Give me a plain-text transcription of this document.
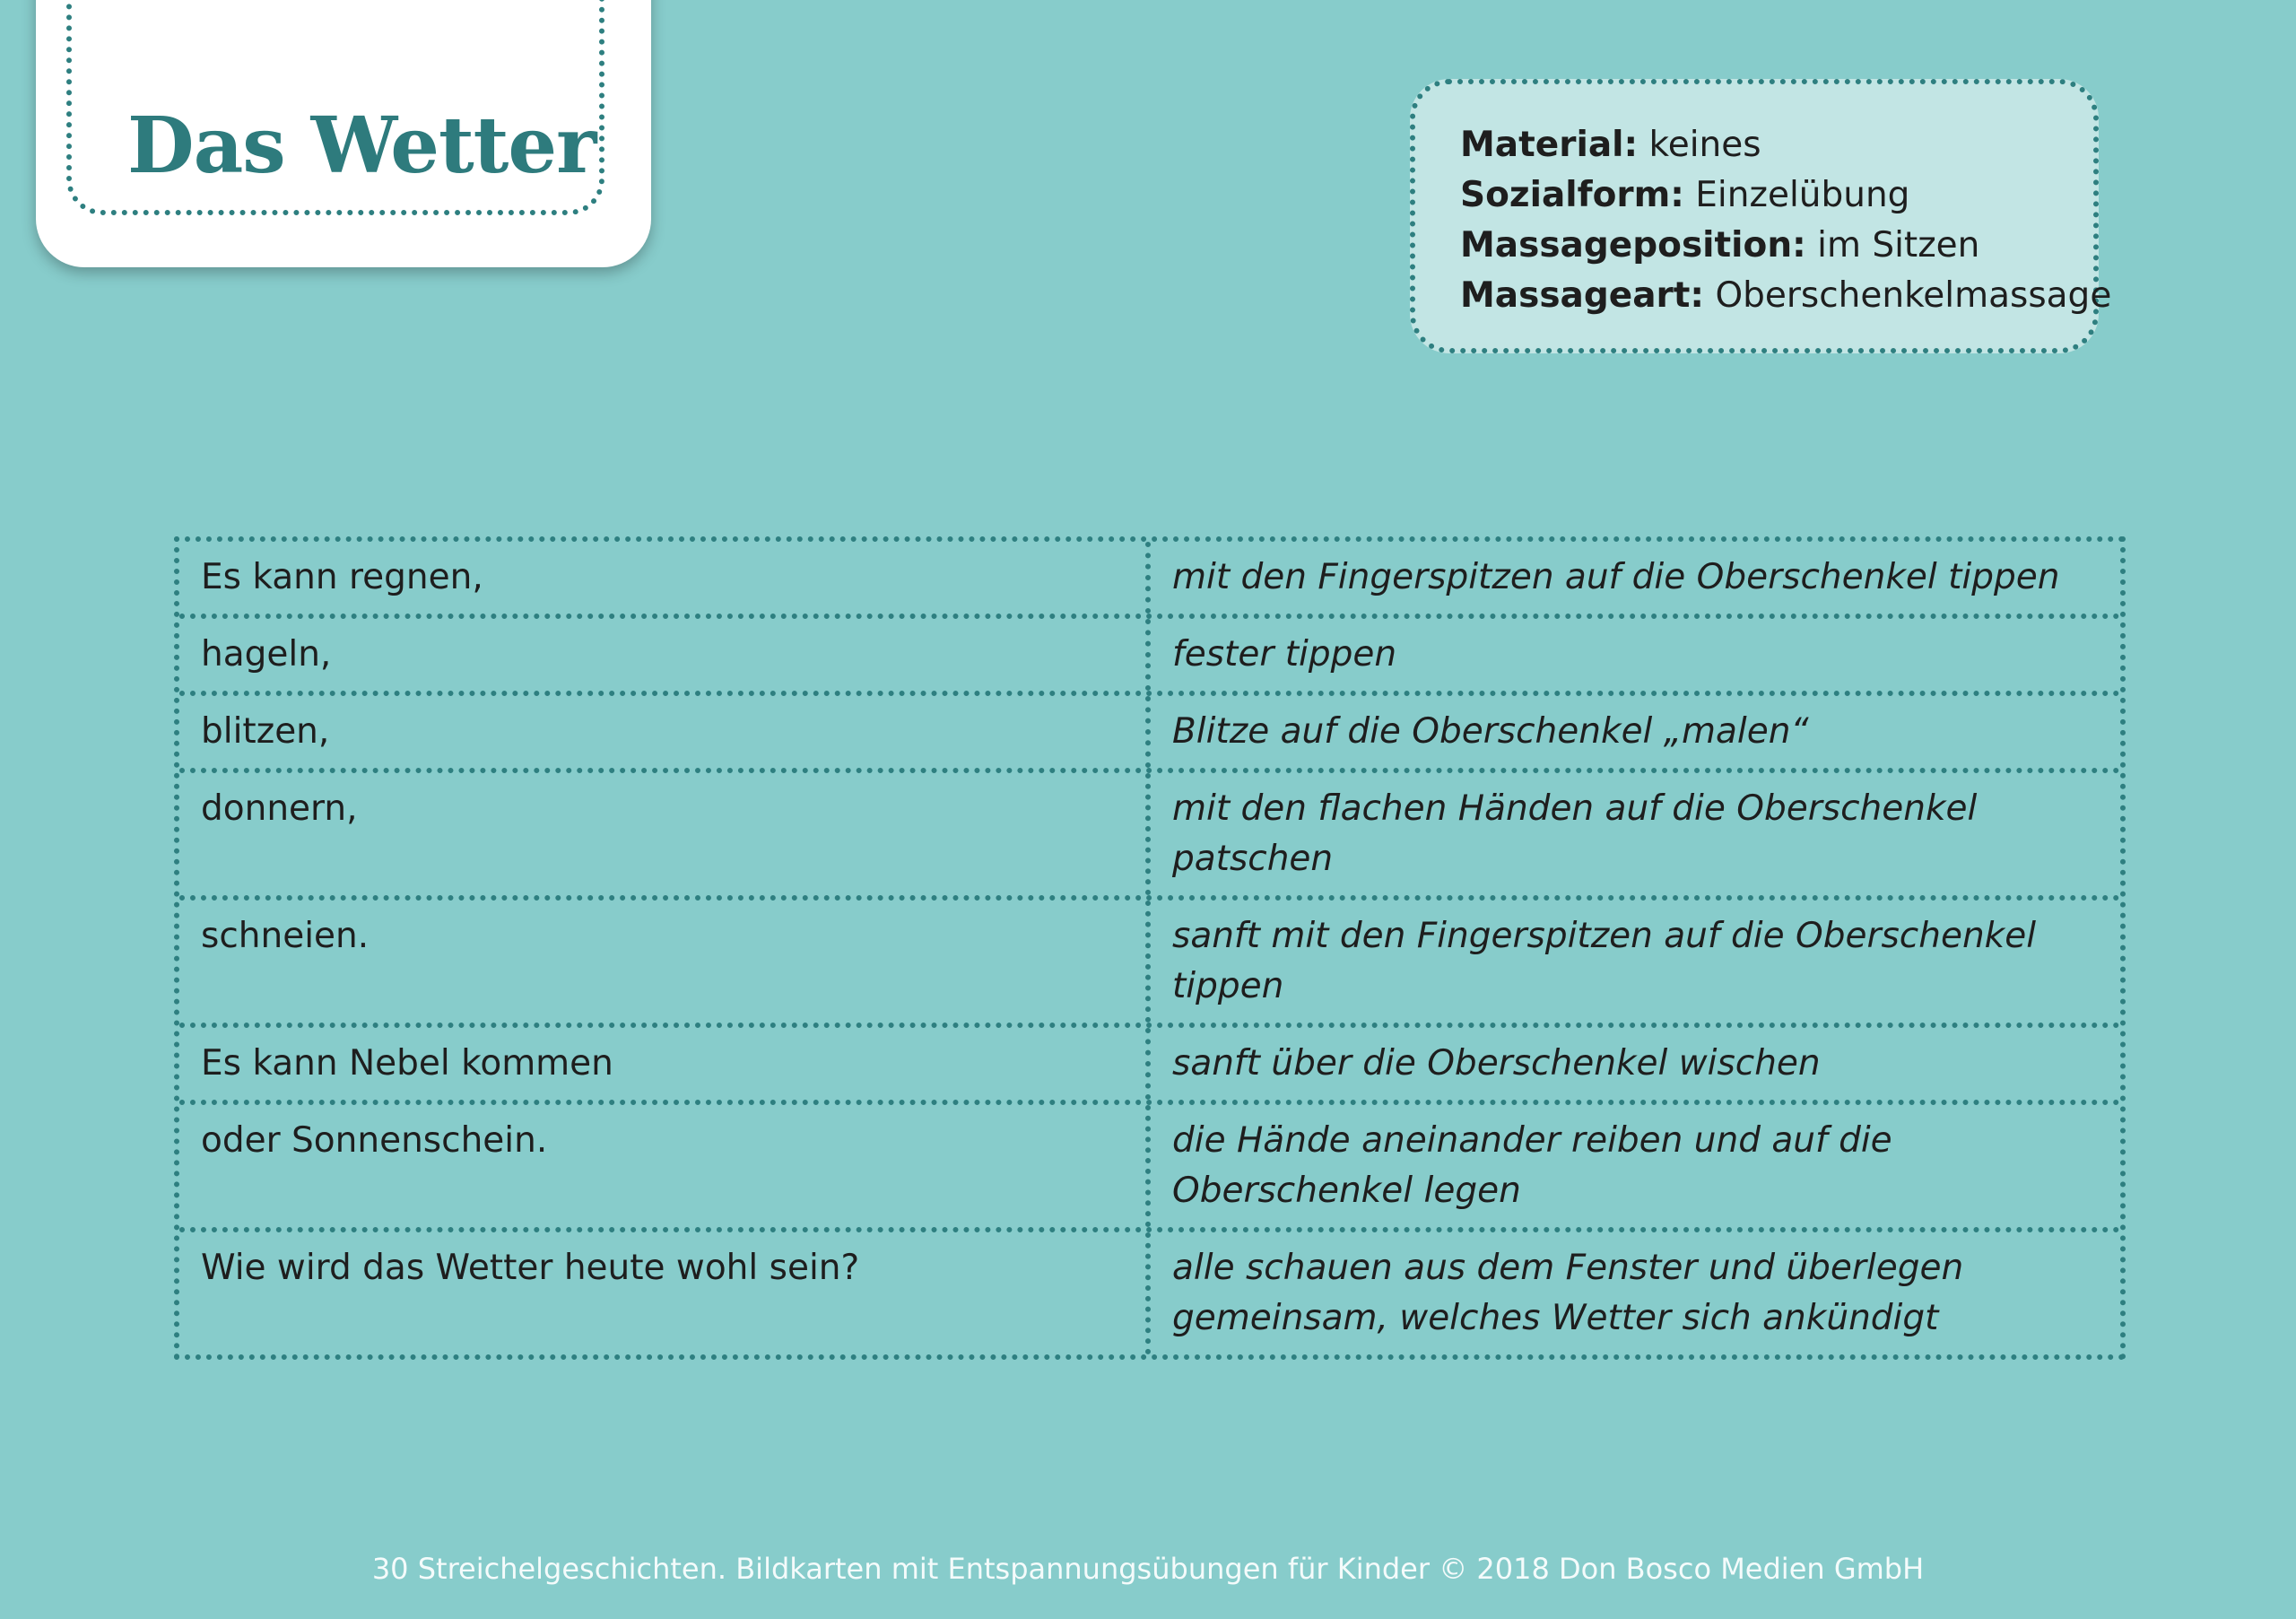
Das Wetter	Material: keines
Sozialform: Einzelübung
Massageposition: im Sitzen
Massageart: Oberschenkelmassage
Es kann regnen,	mit den Fingerspitzen auf die Oberschenkel tippen
hageln,	fester tippen
blitzen,	Blitze auf die Oberschenkel „malen“
donnern,	mit den flachen Händen auf die Oberschenkel patschen
schneien.	sanft mit den Fingerspitzen auf die Oberschenkel tippen
Es kann Nebel kommen	sanft über die Oberschenkel wischen
oder Sonnenschein.	die Hände aneinander reiben und auf die Oberschenkel legen
Wie wird das Wetter heute wohl sein?	alle schauen aus dem Fenster und überlegen gemeinsam, welches Wetter sich ankündigt
30 Streichelgeschichten. Bildkarten mit Entspannungsübungen für Kinder © 2018 Don Bosco Medien GmbH
